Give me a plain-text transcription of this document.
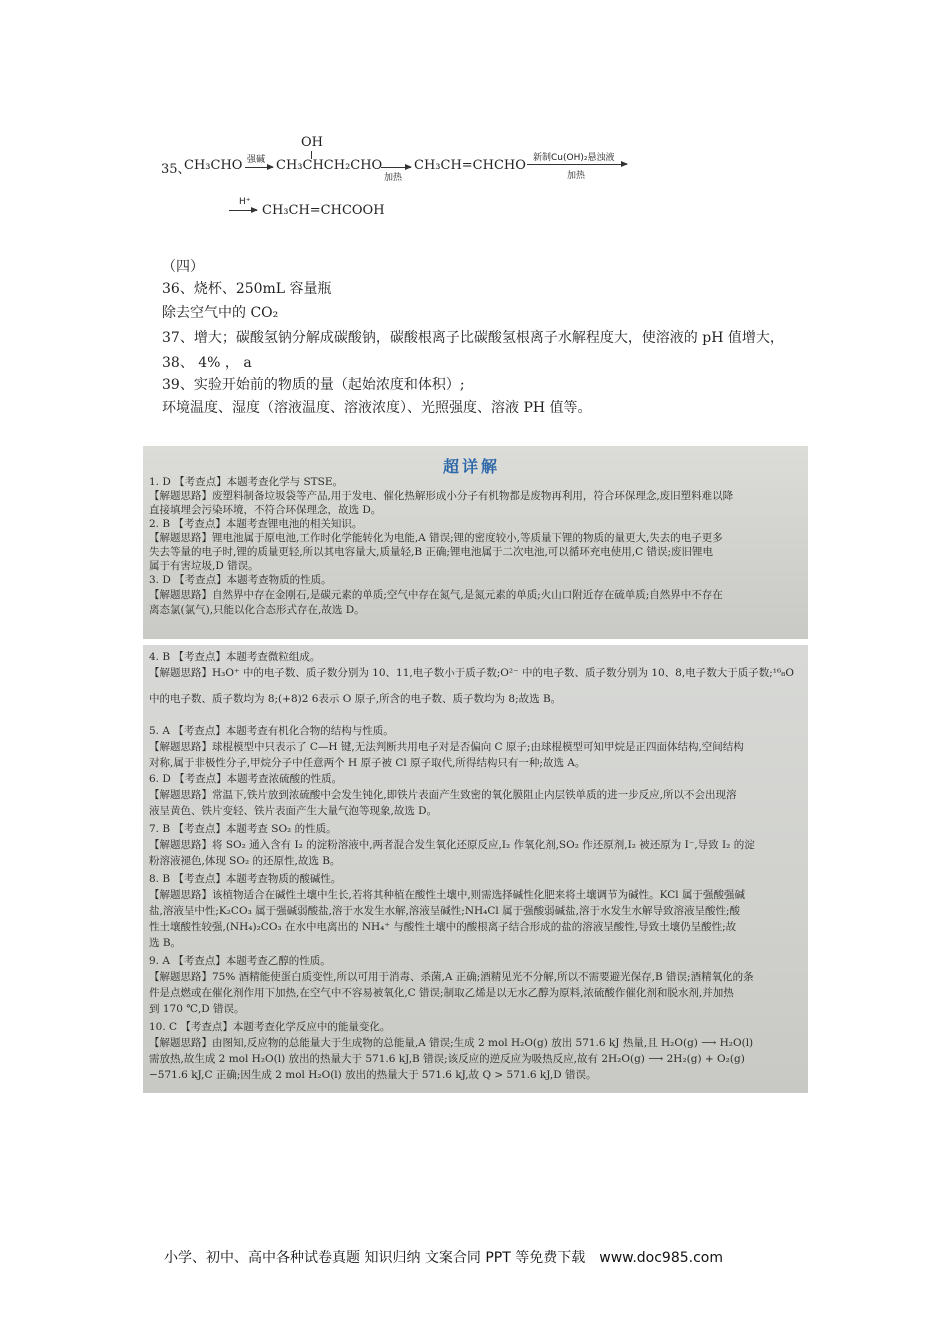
35、
CH₃CHO 强碱
OH
CH₃CHCH₂CHO
加热
CH₃CH=CHCHO 新制Cu(OH)₂悬浊液
加热
H⁺
CH₃CH=CHCOOH
（四）
36、烧杯、250mL 容量瓶
除去空气中的 CO₂
37、增大；碳酸氢钠分解成碳酸钠，碳酸根离子比碳酸氢根离子水解程度大，使溶液的 pH 值增大，
38、 4% ， a
39、实验开始前的物质的量（起始浓度和体积）;
环境温度、湿度（溶液温度、溶液浓度）、光照强度、溶液 PH 值等。
超详解
1. D 【考查点】本题考查化学与 STSE。
【解题思路】废塑料制备垃圾袋等产品,用于发电、催化热解形成小分子有机物都是废物再利用，符合环保理念,废旧塑料难以降
直接填埋会污染环境，不符合环保理念，故选 D。
2. B 【考查点】本题考查锂电池的相关知识。
【解题思路】锂电池属于原电池,工作时化学能转化为电能,A 错误;锂的密度较小,等质量下锂的物质的量更大,失去的电子更多
失去等量的电子时,锂的质量更轻,所以其电容量大,质量轻,B 正确;锂电池属于二次电池,可以循环充电使用,C 错误;废旧锂电
属于有害垃圾,D 错误。
3. D 【考查点】本题考查物质的性质。
【解题思路】自然界中存在金刚石,是碳元素的单质;空气中存在氮气,是氮元素的单质;火山口附近存在硫单质;自然界中不存在
离态氯(氯气),只能以化合态形式存在,故选 D。
4. B 【考查点】本题考查微粒组成。
【解题思路】H₃O⁺ 中的电子数、质子数分别为 10、11,电子数小于质子数;O²⁻ 中的电子数、质子数分别为 10、8,电子数大于质子数;¹⁶₈O
中的电子数、质子数均为 8;(+8)2 6表示 O 原子,所含的电子数、质子数均为 8;故选 B。
5. A 【考查点】本题考查有机化合物的结构与性质。
【解题思路】球棍模型中只表示了 C—H 键,无法判断共用电子对是否偏向 C 原子;由球棍模型可知甲烷是正四面体结构,空间结构
对称,属于非极性分子,甲烷分子中任意两个 H 原子被 Cl 原子取代,所得结构只有一种;故选 A。
6. D 【考查点】本题考查浓硫酸的性质。
【解题思路】常温下,铁片放到浓硫酸中会发生钝化,即铁片表面产生致密的氧化膜阻止内层铁单质的进一步反应,所以不会出现溶
液呈黄色、铁片变轻、铁片表面产生大量气泡等现象,故选 D。
7. B 【考查点】本题考查 SO₂ 的性质。
【解题思路】将 SO₂ 通入含有 I₂ 的淀粉溶液中,两者混合发生氧化还原反应,I₂ 作氧化剂,SO₂ 作还原剂,I₂ 被还原为 I⁻,导致 I₂ 的淀
粉溶液褪色,体现 SO₂ 的还原性,故选 B。
8. B 【考查点】本题考查物质的酸碱性。
【解题思路】该植物适合在碱性土壤中生长,若将其种植在酸性土壤中,则需选择碱性化肥来将土壤调节为碱性。KCl 属于强酸强碱
盐,溶液呈中性;K₂CO₃ 属于强碱弱酸盐,溶于水发生水解,溶液呈碱性;NH₄Cl 属于强酸弱碱盐,溶于水发生水解导致溶液呈酸性;酸
性土壤酸性较强,(NH₄)₂CO₃ 在水中电离出的 NH₄⁺ 与酸性土壤中的酸根离子结合形成的盐的溶液呈酸性,导致土壤仍呈酸性;故
选 B。
9. A 【考查点】本题考查乙醇的性质。
【解题思路】75% 酒精能使蛋白质变性,所以可用于消毒、杀菌,A 正确;酒精见光不分解,所以不需要避光保存,B 错误;酒精氧化的条
件是点燃或在催化剂作用下加热,在空气中不容易被氧化,C 错误;制取乙烯是以无水乙醇为原料,浓硫酸作催化剂和脱水剂,并加热
到 170 ℃,D 错误。
10. C 【考查点】本题考查化学反应中的能量变化。
【解题思路】由图知,反应物的总能量大于生成物的总能量,A 错误;生成 2 mol H₂O(g) 放出 571.6 kJ 热量,且 H₂O(g) ⟶ H₂O(l)
需放热,故生成 2 mol H₂O(l) 放出的热量大于 571.6 kJ,B 错误;该反应的逆反应为吸热反应,故有 2H₂O(g) ⟶ 2H₂(g) + O₂(g)
−571.6 kJ,C 正确;因生成 2 mol H₂O(l) 放出的热量大于 571.6 kJ,故 Q > 571.6 kJ,D 错误。
小学、初中、高中各种试卷真题 知识归纳 文案合同 PPT 等免费下载 www.doc985.com
